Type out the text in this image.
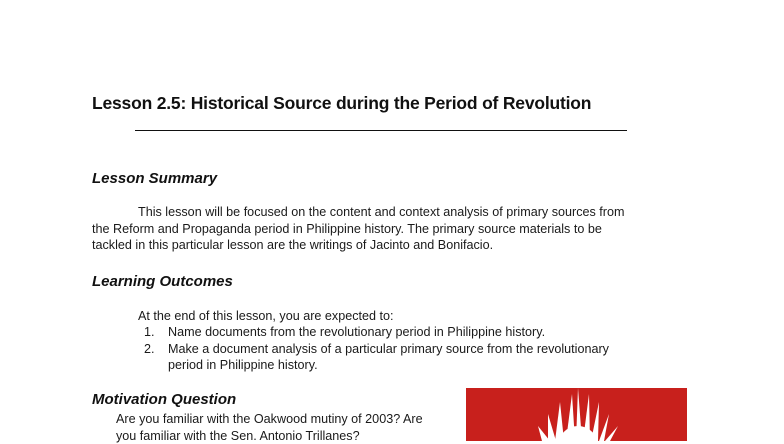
Lesson 2.5: Historical Source during the Period of Revolution
Lesson Summary
This lesson will be focused on the content and context analysis of primary sources from
the Reform and Propaganda period in Philippine history. The primary source materials to be
tackled in this particular lesson are the writings of Jacinto and Bonifacio.
Learning Outcomes
At the end of this lesson, you are expected to:
1.	Name documents from the revolutionary period in Philippine history.
2.	Make a document analysis of a particular primary source from the revolutionary
period in Philippine history.
Motivation Question
Are you familiar with the Oakwood mutiny of 2003? Are
you familiar with the Sen. Antonio Trillanes?
